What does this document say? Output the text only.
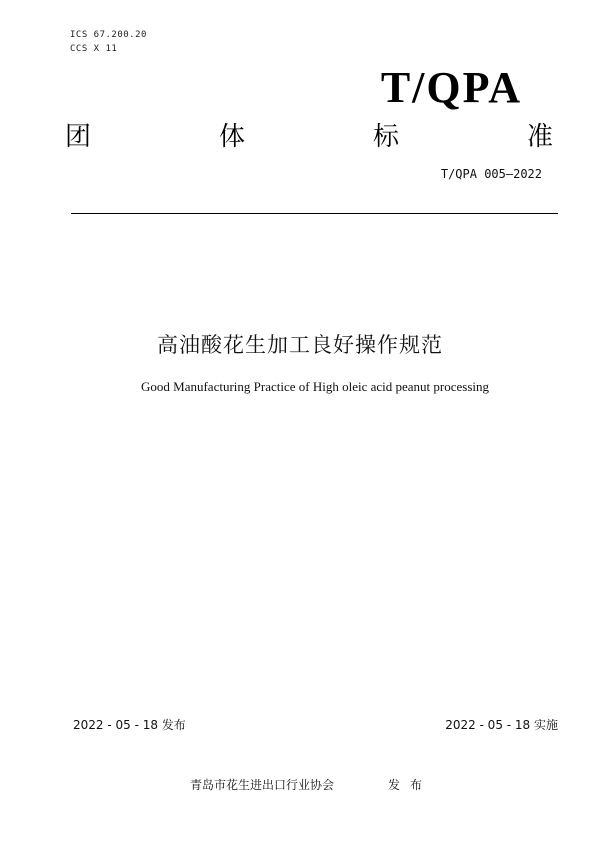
ICS 67.200.20
CCS X 11
T/QPA
团	体	标	准
T/QPA 005—2022
高油酸花生加工良好操作规范
Good Manufacturing Practice of High oleic acid peanut processing
2022 - 05 - 18 发布	2022 - 05 - 18 实施
青岛市花生进出口行业协会	发布
